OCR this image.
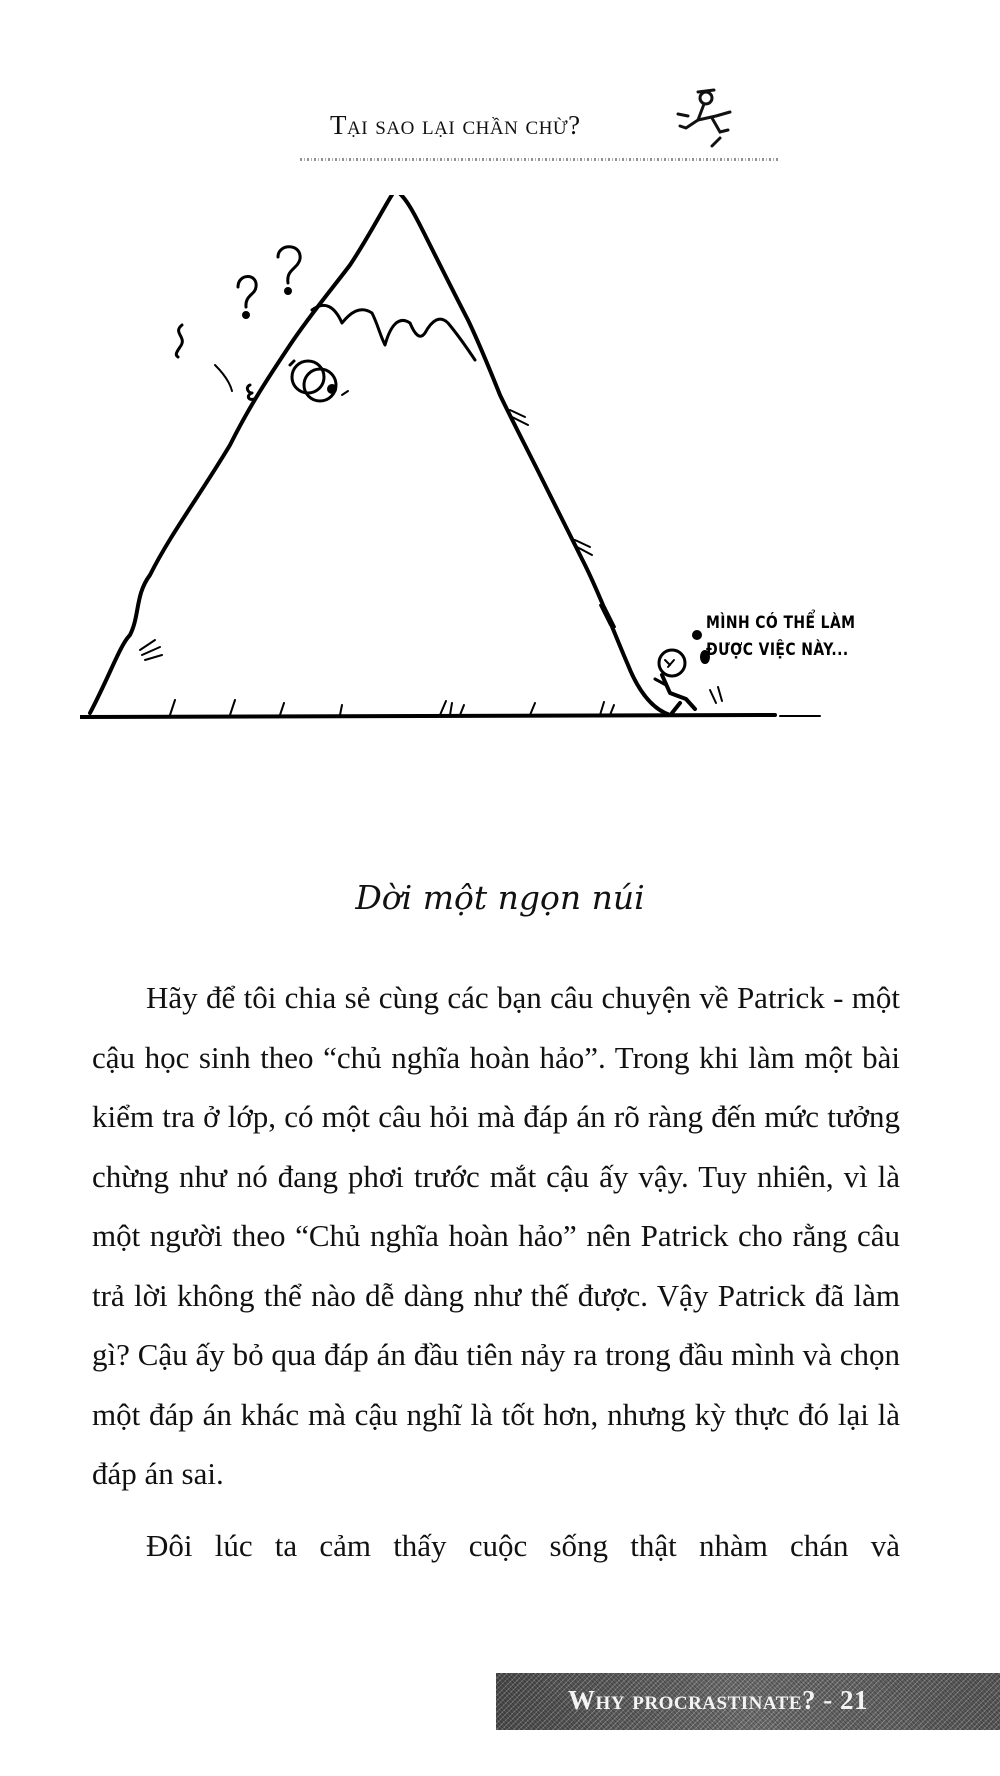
Tại sao lại chần chừ?
MÌNH CÓ THỂ LÀM
ĐƯỢC VIỆC NÀY...
Dời một ngọn núi

Hãy để tôi chia sẻ cùng các bạn câu chuyện về Patrick - một cậu học sinh theo “chủ nghĩa hoàn hảo”. Trong khi làm một bài kiểm tra ở lớp, có một câu hỏi mà đáp án rõ ràng đến mức tưởng chừng như nó đang phơi trước mắt cậu ấy vậy. Tuy nhiên, vì là một người theo “Chủ nghĩa hoàn hảo” nên Patrick cho rằng câu trả lời không thể nào dễ dàng như thế được. Vậy Patrick đã làm gì? Cậu ấy bỏ qua đáp án đầu tiên nảy ra trong đầu mình và chọn một đáp án khác mà cậu nghĩ là tốt hơn, nhưng kỳ thực đó lại là đáp án sai.

Đôi lúc ta cảm thấy cuộc sống thật nhàm chán và

Why procrastinate? - 21
